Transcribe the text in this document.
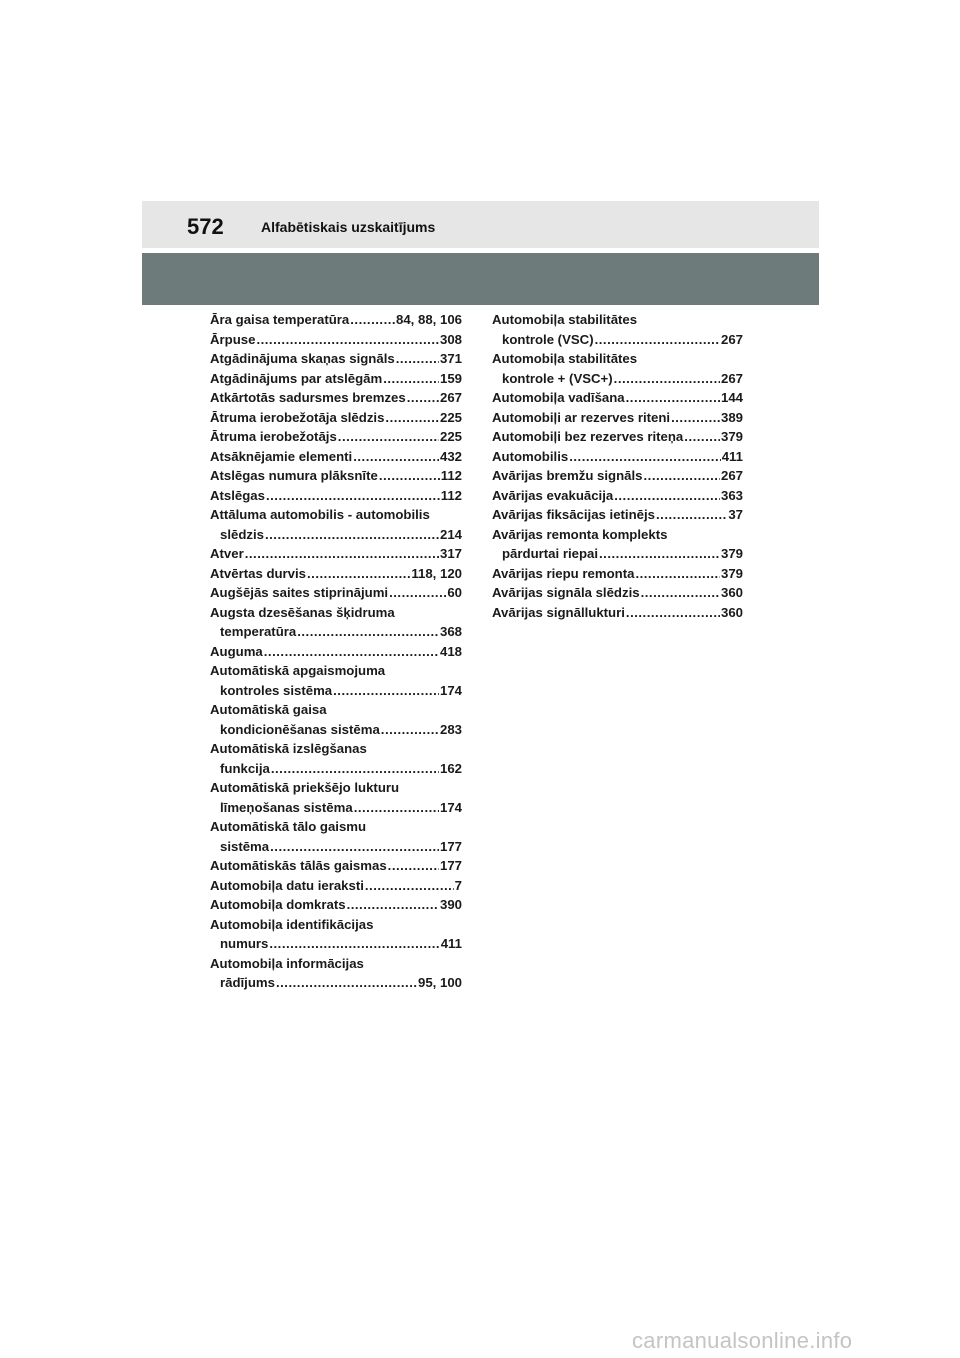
572	Alfabētiskais uzskaitījums
Āra gaisa temperatūra .....	84, 88, 106
Ārpuse .....	308
Atgādinājuma skaņas signāls .....	371
Atgādinājums par atslēgām .....	159
Atkārtotās sadursmes bremzes .....	267
Ātruma ierobežotāja slēdzis .....	225
Ātruma ierobežotājs .....	225
Atsāknējamie elementi .....	432
Atslēgas numura plāksnīte .....	112
Atslēgas .....	112
Attāluma automobilis - automobilis
slēdzis .....	214
Atver .....	317
Atvērtas durvis .....	118, 120
Augšējās saites stiprinājumi .....	60
Augsta dzesēšanas šķidruma
temperatūra .....	368
Auguma .....	418
Automātiskā apgaismojuma
kontroles sistēma .....	174
Automātiskā gaisa
kondicionēšanas sistēma .....	283
Automātiskā izslēgšanas
funkcija .....	162
Automātiskā priekšējo lukturu
līmeņošanas sistēma .....	174
Automātiskā tālo gaismu
sistēma .....	177
Automātiskās tālās gaismas .....	177
Automobiļa datu ieraksti .....	7
Automobiļa domkrats .....	390
Automobiļa identifikācijas
numurs .....	411
Automobiļa informācijas
rādījums .....	95, 100
Automobiļa stabilitātes
kontrole (VSC) .....	267
Automobiļa stabilitātes
kontrole + (VSC+) .....	267
Automobiļa vadīšana .....	144
Automobiļi ar rezerves riteni .....	389
Automobiļi bez rezerves riteņa .....	379
Automobilis .....	411
Avārijas bremžu signāls .....	267
Avārijas evakuācija .....	363
Avārijas fiksācijas ietinējs .....	37
Avārijas remonta komplekts
pārdurtai riepai .....	379
Avārijas riepu remonta .....	379
Avārijas signāla slēdzis .....	360
Avārijas signāllukturi .....	360
carmanualsonline.info
